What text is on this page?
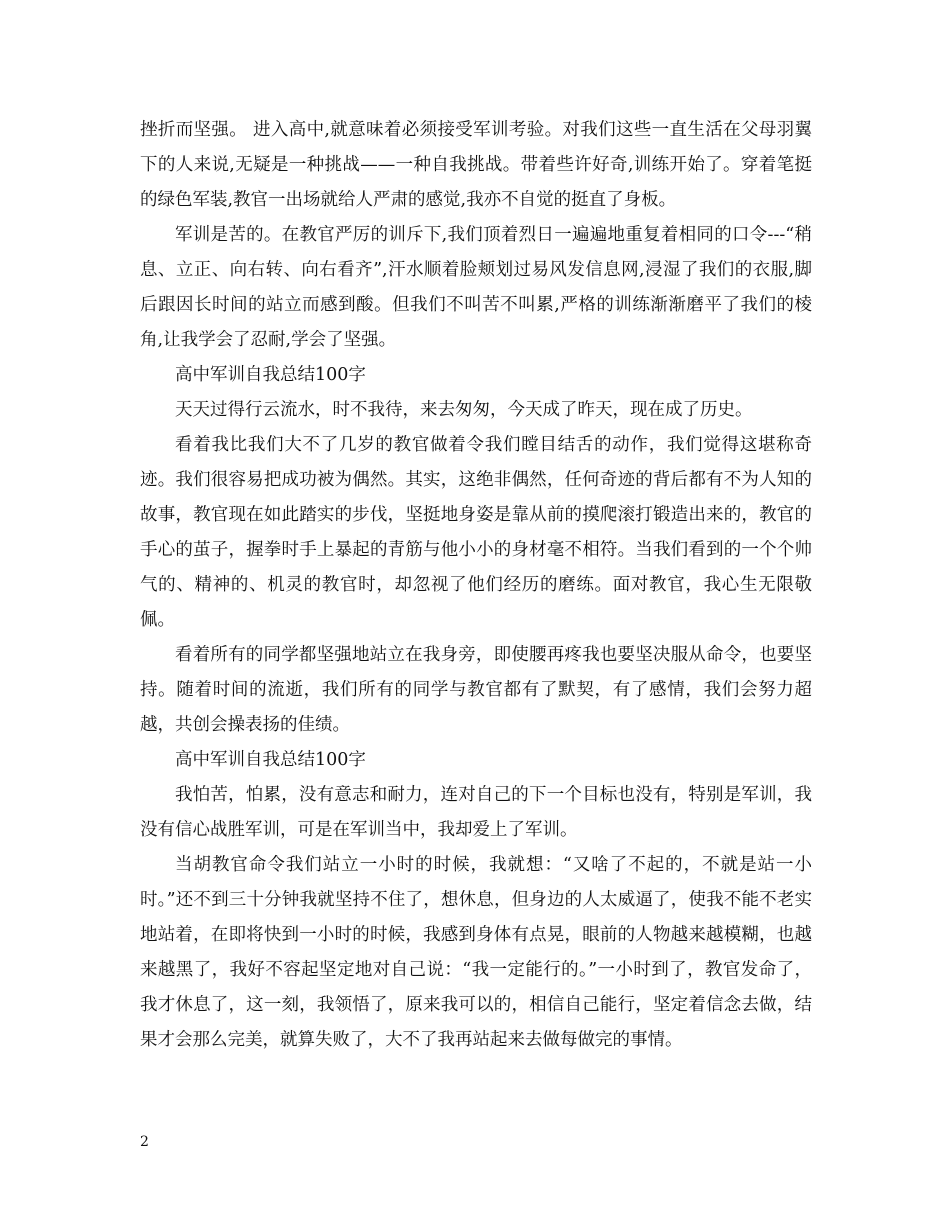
挫折而坚强。 进入高中,就意味着必须接受军训考验。对我们这些一直生活在父母羽翼下的人来说,无疑是一种挑战——一种自我挑战。带着些许好奇,训练开始了。穿着笔挺的绿色军装,教官一出场就给人严肃的感觉,我亦不自觉的挺直了身板。

军训是苦的。在教官严厉的训斥下,我们顶着烈日一遍遍地重复着相同的口令---“稍息、立正、向右转、向右看齐”,汗水顺着脸颊划过易风发信息网,浸湿了我们的衣服,脚后跟因长时间的站立而感到酸。但我们不叫苦不叫累,严格的训练渐渐磨平了我们的棱角,让我学会了忍耐,学会了坚强。

高中军训自我总结100字

天天过得行云流水，时不我待，来去匆匆，今天成了昨天，现在成了历史。

看着我比我们大不了几岁的教官做着令我们瞠目结舌的动作，我们觉得这堪称奇迹。我们很容易把成功被为偶然。其实，这绝非偶然，任何奇迹的背后都有不为人知的故事，教官现在如此踏实的步伐，坚挺地身姿是靠从前的摸爬滚打锻造出来的，教官的手心的茧子，握拳时手上暴起的青筋与他小小的身材毫不相符。当我们看到的一个个帅气的、精神的、机灵的教官时，却忽视了他们经历的磨练。面对教官，我心生无限敬佩。

看着所有的同学都坚强地站立在我身旁，即使腰再疼我也要坚决服从命令，也要坚持。随着时间的流逝，我们所有的同学与教官都有了默契，有了感情，我们会努力超越，共创会操表扬的佳绩。

高中军训自我总结100字

我怕苦，怕累，没有意志和耐力，连对自己的下一个目标也没有，特别是军训，我没有信心战胜军训，可是在军训当中，我却爱上了军训。

当胡教官命令我们站立一小时的时候，我就想：“又啥了不起的，不就是站一小时。”还不到三十分钟我就坚持不住了，想休息，但身边的人太威逼了，使我不能不老实地站着，在即将快到一小时的时候，我感到身体有点晃，眼前的人物越来越模糊，也越来越黑了，我好不容起坚定地对自己说：“我一定能行的。”一小时到了，教官发命了，我才休息了，这一刻，我领悟了，原来我可以的，相信自己能行，坚定着信念去做，结果才会那么完美，就算失败了，大不了我再站起来去做每做完的事情。

2
